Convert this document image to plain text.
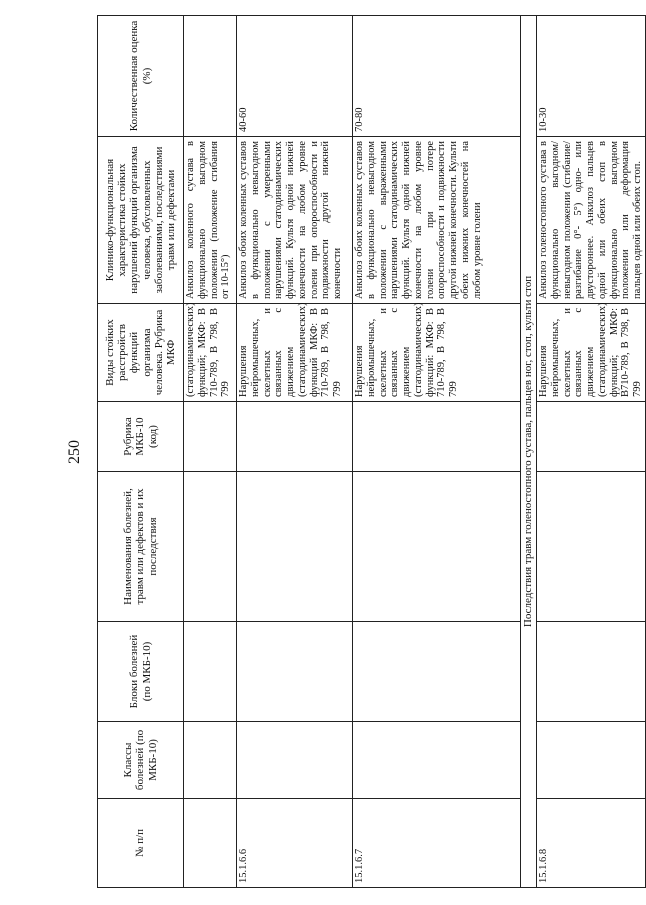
250
№ п/п	Классы болезней (по МКБ-10)	Блоки болезней (по МКБ-10)	Наименования болезней, травм или дефектов и их последствия	Рубрика МКБ-10 (код)	Виды стойких расстройств функций организма человека. Рубрика МКФ	Клинико-функциональная характеристика стойких нарушений функций организма человека, обусловленных заболеваниями, последствиями травм или дефектами	Количественная оценка (%)
					(статодинамических) функций; МКФ: В 710-789, В 798, В 799	Анкилоз коленного сустава в функционально выгодном положении (положение сгибания от 10-15°)	
15.1.6.6					Нарушения нейромышечных, скелетных и связанных с движением (статодинамических) функций МКФ: В 710-789, В 798, В 799	Анкилоз обоих коленных суставов в функционально невыгодном положении с умеренными нарушениями статодинамических функций. Культя одной нижней конечности на любом уровне голени при опороспособности и подвижности другой нижней конечности	40-60
15.1.6.7					Нарушения нейромышечных, скелетных и связанных с движением (статодинамических) функций: МКФ: В 710-789, В 798, В 799	Анкилоз обоих коленных суставов в функционально невыгодном положении с выраженными нарушениями статодинамических функций. Культя одной нижней конечности на любом уровне голени при потере опороспособности и подвижности другой нижней конечности. Культи обеих нижних конечностей на любом уровне голени	70-80
Последствия травм голеностопного сустава, пальцев ног, стоп, культи стоп							
15.1.6.8					Нарушения нейромышечных, скелетных и связанных с движением (статодинамических) функций; МКФ: В710-789, В 798, В 799	Анкилоз голеностопного сустава в функционально выгодном/невыгодном положении (сгибание/разгибание 0°- 5°) одно- или двустороннее. Анкилоз пальцев одной или обеих стоп в функционально выгодном положении или деформация пальцев одной или обеих стоп.	10-30
